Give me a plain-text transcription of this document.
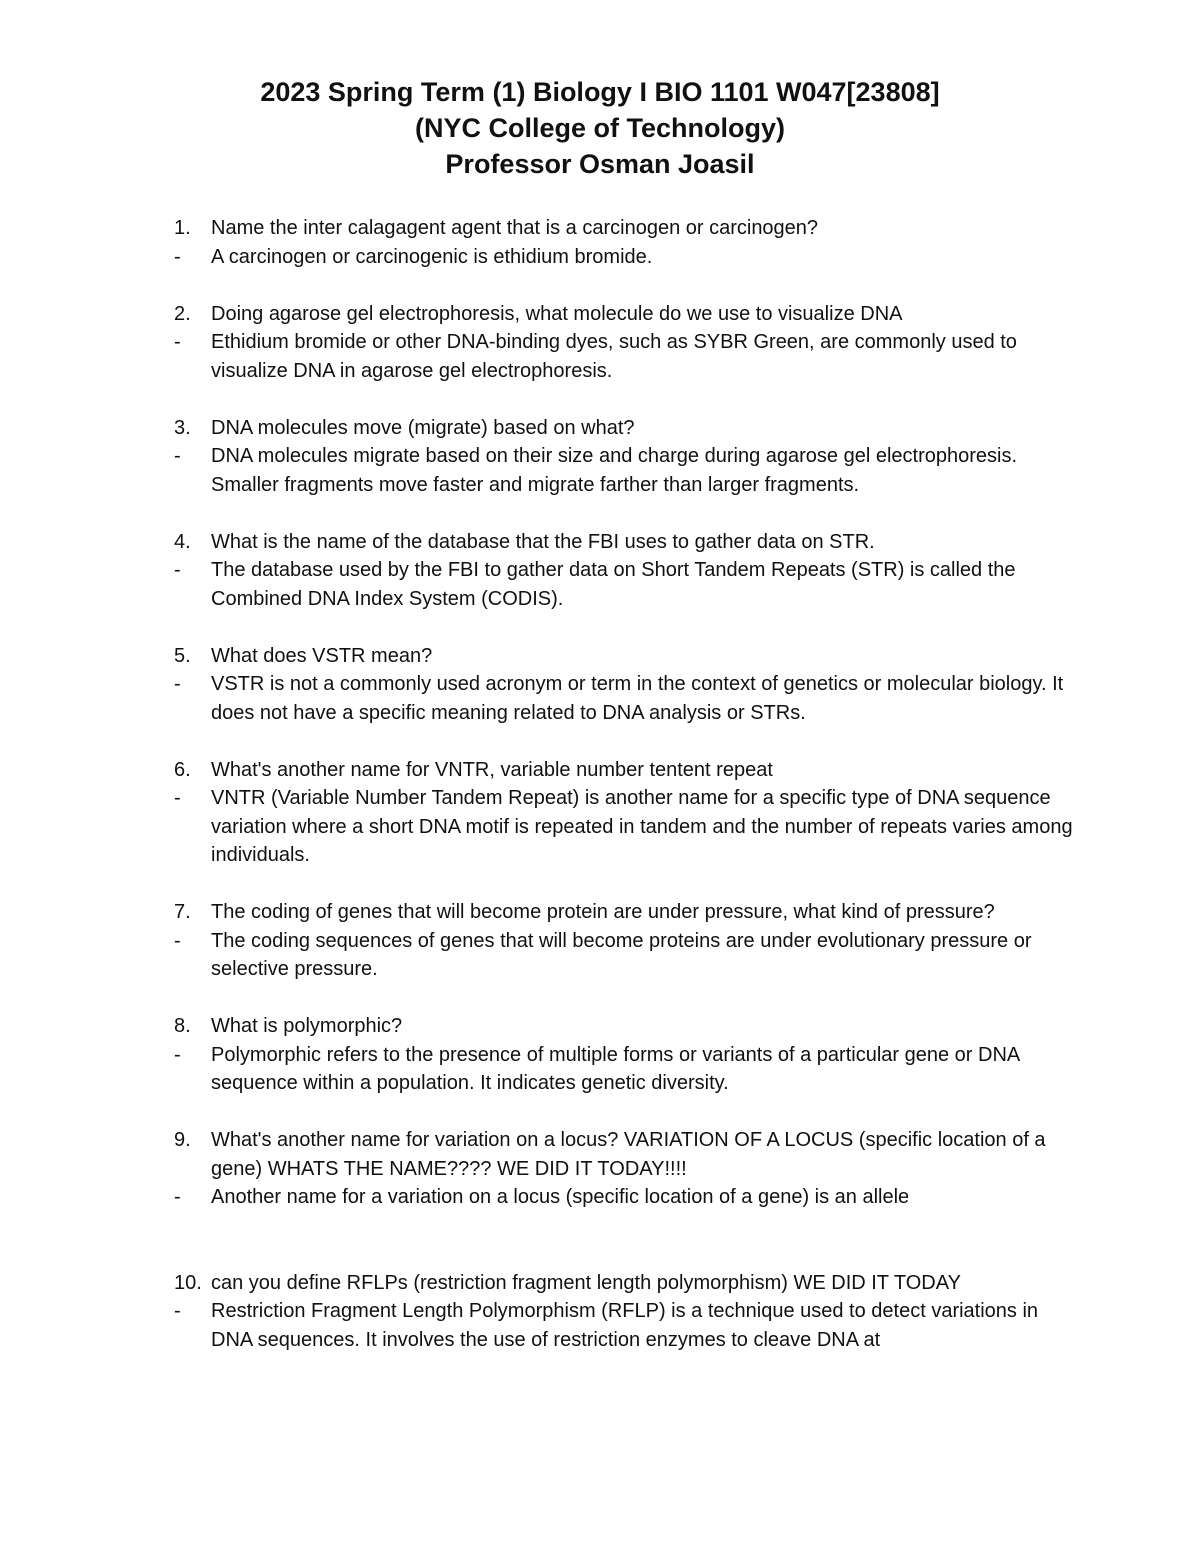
2023 Spring Term (1) Biology I BIO 1101 W047[23808]
(NYC College of Technology)
Professor Osman Joasil
1.	Name the inter calagagent agent that is a carcinogen or carcinogen?
-	A carcinogen or carcinogenic is ethidium bromide.
2.	Doing agarose gel electrophoresis, what molecule do we use to visualize DNA
-	Ethidium bromide or other DNA-binding dyes, such as SYBR Green, are commonly used to visualize DNA in agarose gel electrophoresis.
3.	DNA molecules move (migrate) based on what?
-	DNA molecules migrate based on their size and charge during agarose gel electrophoresis. Smaller fragments move faster and migrate farther than larger fragments.
4.	What is the name of the database that the FBI uses to gather data on STR.
-	The database used by the FBI to gather data on Short Tandem Repeats (STR) is called the Combined DNA Index System (CODIS).
5.	What does VSTR mean?
-	VSTR is not a commonly used acronym or term in the context of genetics or molecular biology. It does not have a specific meaning related to DNA analysis or STRs.
6.	What's another name for VNTR, variable number tentent repeat
-	VNTR (Variable Number Tandem Repeat) is another name for a specific type of DNA sequence variation where a short DNA motif is repeated in tandem and the number of repeats varies among individuals.
7.	The coding of genes that will become protein are under pressure, what kind of pressure?
-	The coding sequences of genes that will become proteins are under evolutionary pressure or selective pressure.
8.	What is polymorphic?
-	Polymorphic refers to the presence of multiple forms or variants of a particular gene or DNA sequence within a population. It indicates genetic diversity.
9.	What's another name for variation on a locus? VARIATION OF A LOCUS (specific location of a gene) WHATS THE NAME???? WE DID IT TODAY!!!!
-	Another name for a variation on a locus (specific location of a gene) is an allele
10. can you define RFLPs (restriction fragment length polymorphism) WE DID IT TODAY
-	Restriction Fragment Length Polymorphism (RFLP) is a technique used to detect variations in DNA sequences. It involves the use of restriction enzymes to cleave DNA at
